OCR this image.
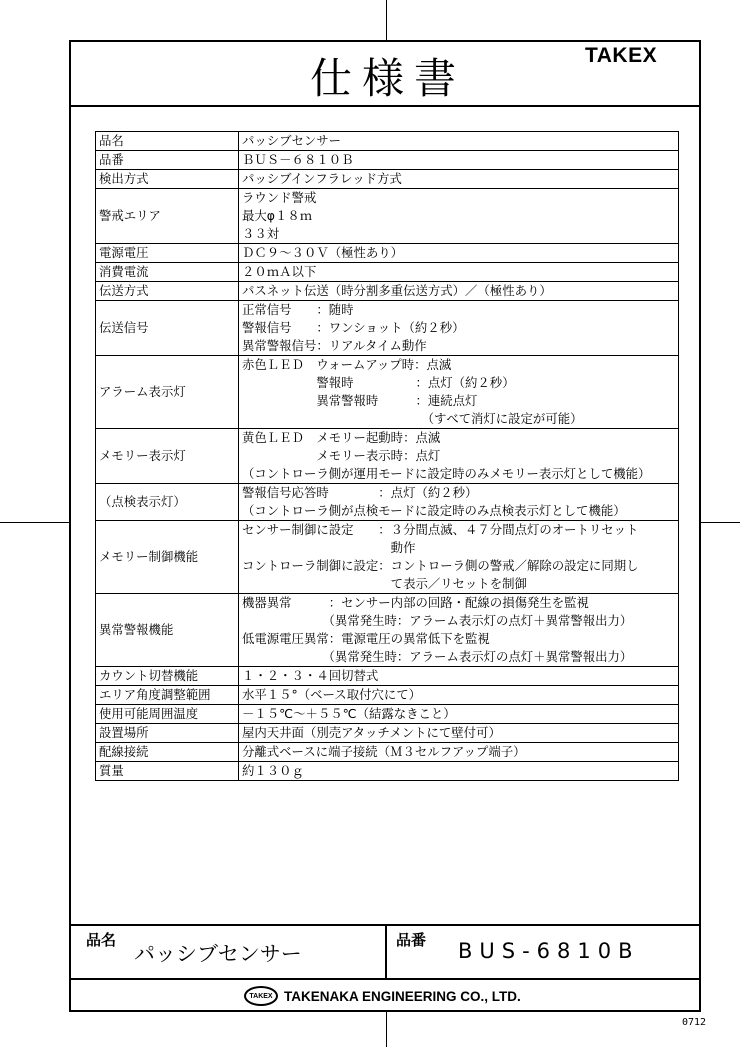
仕様書	TAKEX
品名	パッシブセンサー
品番	ＢＵＳ－６８１０Ｂ
検出方式	パッシブインフラレッド方式
警戒エリア	ラウンド警戒
最大φ１８ｍ
３３対
電源電圧	ＤＣ９～３０Ｖ（極性あり）
消費電流	２０ｍＡ以下
伝送方式	パスネット伝送（時分割多重伝送方式）／（極性あり）
伝送信号	正常信号　　：随時
警報信号　　：ワンショット（約２秒）
異常警報信号：リアルタイム動作
アラーム表示灯	赤色ＬＥＤ　ウォームアップ時：点滅
　　　　　　警報時　　　　　：点灯（約２秒）
　　　　　　異常警報時　　　：連続点灯
　　　　　　　　　　　　　　　（すべて消灯に設定が可能）
メモリー表示灯	黄色ＬＥＤ　メモリー起動時：点滅
　　　　　　メモリー表示時：点灯
（コントローラ側が運用モードに設定時のみメモリー表示灯として機能）
（点検表示灯）	警報信号応答時　　　　：点灯（約２秒）
（コントローラ側が点検モードに設定時のみ点検表示灯として機能）
メモリー制御機能	センサー制御に設定　　：３分間点滅、４７分間点灯のオートリセット
　　　　　　　　　　　　動作
コントローラ制御に設定：コントローラ側の警戒／解除の設定に同期し
　　　　　　　　　　　　て表示／リセットを制御
異常警報機能	機器異常　　　：センサー内部の回路・配線の損傷発生を監視
　　　　　　　（異常発生時：アラーム表示灯の点灯＋異常警報出力）
低電源電圧異常：電源電圧の異常低下を監視
　　　　　　　（異常発生時：アラーム表示灯の点灯＋異常警報出力）
カウント切替機能	１・２・３・４回切替式
エリア角度調整範囲	水平１５°（ベース取付穴にて）
使用可能周囲温度	－１５℃～＋５５℃（結露なきこと）
設置場所	屋内天井面（別売アタッチメントにて壁付可）
配線接続	分離式ベースに端子接続（Ｍ３セルフアップ端子）
質量	約１３０ｇ
品名
パッシブセンサー
品番 BUS-6810B
TAKEX TAKENAKA ENGINEERING CO., LTD.
0712
